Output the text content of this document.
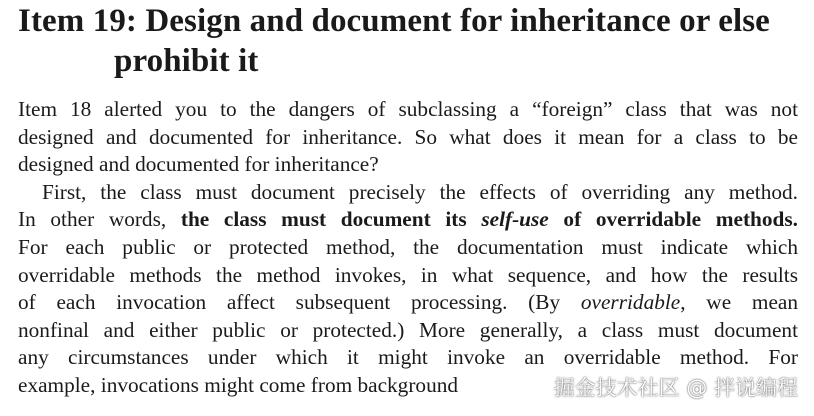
Item 19: Design and document for inheritance or else
prohibit it

Item 18 alerted you to the dangers of subclassing a “foreign” class that was not
designed and documented for inheritance. So what does it mean for a class to be
designed and documented for inheritance?

First, the class must document precisely the effects of overriding any method.
In other words, the class must document its self-use of overridable methods.
For each public or protected method, the documentation must indicate which
overridable methods the method invokes, in what sequence, and how the results
of each invocation affect subsequent processing. (By overridable, we mean
nonfinal and either public or protected.) More generally, a class must document
any circumstances under which it might invoke an overridable method. For
example, invocations might come from background	掘金技术社区 @ 拌说编程
